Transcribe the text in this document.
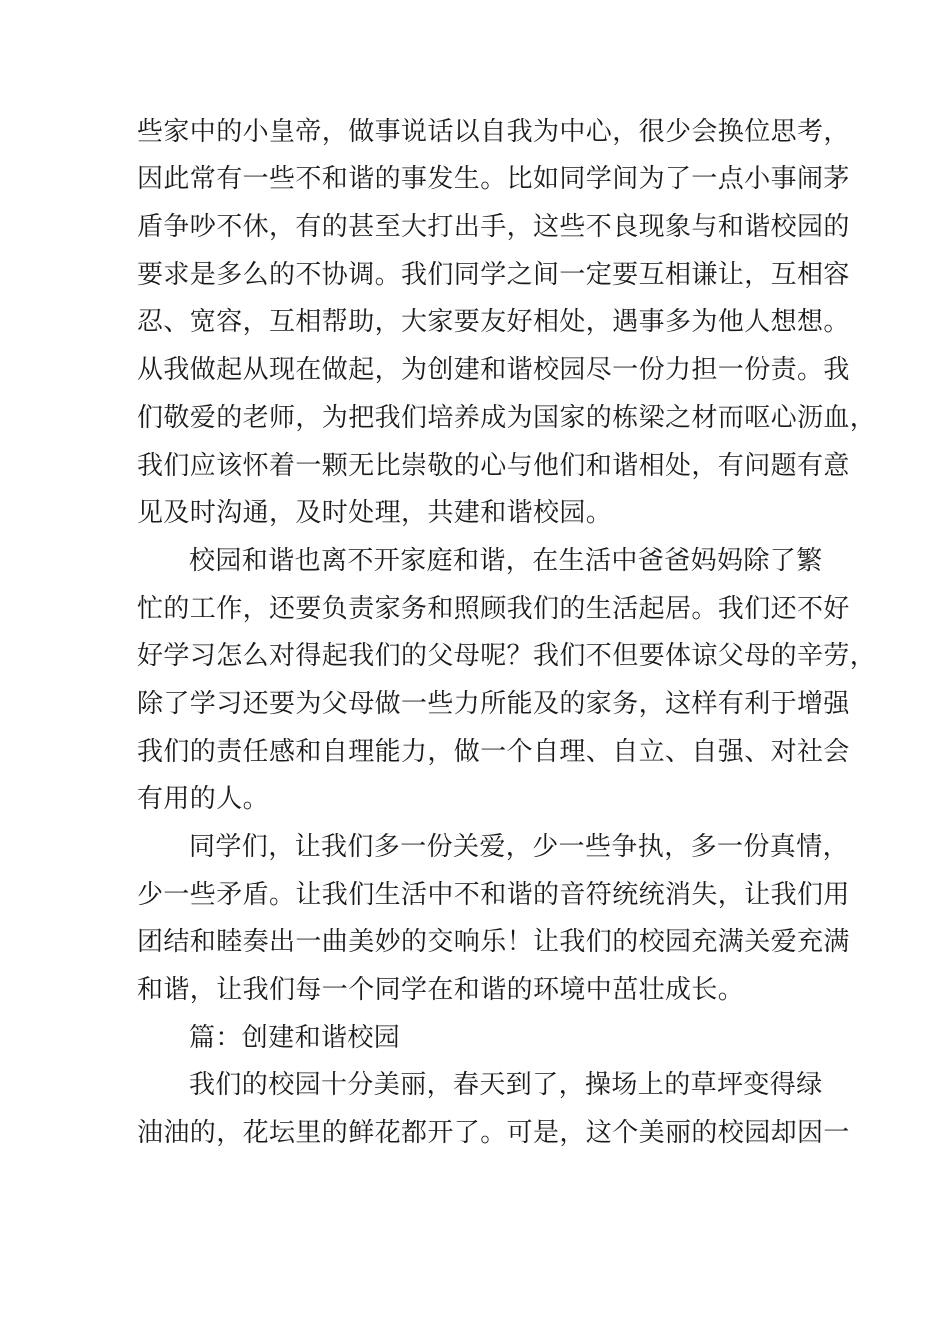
些家中的小皇帝，做事说话以自我为中心，很少会换位思考，
因此常有一些不和谐的事发生。比如同学间为了一点小事闹茅
盾争吵不休，有的甚至大打出手，这些不良现象与和谐校园的
要求是多么的不协调。我们同学之间一定要互相谦让，互相容
忍、宽容，互相帮助，大家要友好相处，遇事多为他人想想。
从我做起从现在做起，为创建和谐校园尽一份力担一份责。我
们敬爱的老师，为把我们培养成为国家的栋梁之材而呕心沥血，
我们应该怀着一颗无比崇敬的心与他们和谐相处，有问题有意
见及时沟通，及时处理，共建和谐校园。
校园和谐也离不开家庭和谐，在生活中爸爸妈妈除了繁
忙的工作，还要负责家务和照顾我们的生活起居。我们还不好
好学习怎么对得起我们的父母呢？我们不但要体谅父母的辛劳，
除了学习还要为父母做一些力所能及的家务，这样有利于增强
我们的责任感和自理能力，做一个自理、自立、自强、对社会
有用的人。
同学们，让我们多一份关爱，少一些争执，多一份真情，
少一些矛盾。让我们生活中不和谐的音符统统消失，让我们用
团结和睦奏出一曲美妙的交响乐！让我们的校园充满关爱充满
和谐，让我们每一个同学在和谐的环境中茁壮成长。
篇：创建和谐校园
我们的校园十分美丽，春天到了，操场上的草坪变得绿
油油的，花坛里的鲜花都开了。可是，这个美丽的校园却因一
